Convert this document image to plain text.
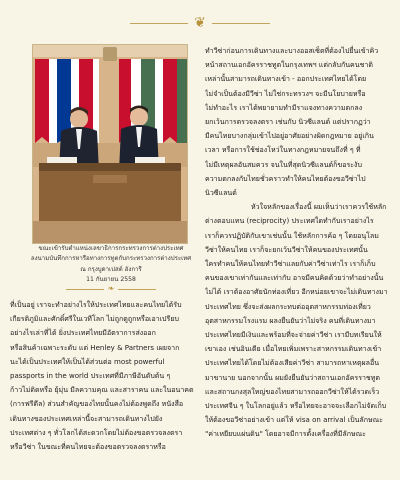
❦
ขณะเข้ารับตำแหน่งเลขาธิการกระทรวงการต่างประเทศ
ลงนามบันทึกการหารือทางการทูตกับกระทรวงการต่างประเทศ
ณ กรุงบูดาเปสต์ ฮังการี
11 กันยายน 2558
❧
ทำวีซ่าก่อนการเดินทางและบางออสเซ็ตที่ต้องไปยื่นเข้าคิว
หน้าสถานเอกอัครราชทูตในกรุงเทพฯ แต่กลับกันคนชาติ
เหล่านั้นสามารถเดินทางเข้า - ออกประเทศไทยได้โดย
ไม่จำเป็นต้องมีวีซ่า ไม่ใช่กระทรวงฯ จะมีนโยบายหรือ
ไม่ทำอะไร เราได้พยายามทำมีราแจงทางความตกลง
ยกเว้นการตรวจลงตรา เช่นกับ นิวซีแลนด์ แต่ปรากฏว่า
มีคนไทยบางกลุ่มเข้าไปอยู่อาศัยอย่างผิดกฎหมาย อยู่เกิน
เวลา หรือการใช้ช่องโหว่ในทางกฎหมายจนถึงที่ ๆ ที่
ไม่มีเหตุผลอันสมควร จนในที่สุดนิวซีแลนด์ก็ขอระงับ
ความตกลงกับไทยชั่วคราวทำให้คนไทยต้องขอวีซ่าไป
นิวซีแลนด์
หัวใจหลักของเรื่องนี้ ผมเห็นว่าเราควรใช้หลัก
ต่างตอบแทน (reciprocity) ประเทศใดทำกับเราอย่างไร
เราก็ควรปฏิบัติกับเขาเช่นนั้น ใช้หลักการค้อ ๆ โดยอนุโลม
วีซ่าให้คนไทย เราก็จะยกเว้นวีซ่าให้คนของประเทศนั้น
ใครทำคนให้คนไทยทำวีซ่าแลยกับค่าวีซ่าเท่าไร เราก็เก็บ
คนของเขาเท่ากันและเท่ากับ อาจมีคนคิดด้วยว่าทำอย่างนั้น
ไม่ได้ เราต้องอาศัยนักท่องเที่ยว อีกหน่อยเขาจะไม่เดินทางมา
ประเทศไทย ซึ่งจะส่งผลกระทบต่ออุตสาหกรรมท่องเที่ยว
อุตสาหกรรมโรงแรม ผลงยืนยันว่าไม่จริง คนที่เดินทางมา
ประเทศไทยมีเงินและพร้อมที่จะจ่ายค่าวีซ่า เรามีบทเรียนให้
เขาเอง เช่นอินเดีย เมื่อไทยเพิ่มเพราะสาหกรรมเดินทางเข้า
ประเทศไทยได้โดยไม่ต้องเสียค่าวีซ่า สามารถหาเหตุผลอื่น
มาขานาย นอกจากนั้น ผมยังยืนยันว่าสถานเอกอัครราชทูต
และสถานกงสุลใหญ่ของไทยสามารถออกวีซ่าให้ได้รวดเร็ว
ประเทศจีน ๆ ในโลกอยู่แล้ว หรือไทยจะอาจจะเลือกไม่จัดเก็บ
ให้ต้องขอวีซ่าอย่างเข้า แต่ให้ visa on arrival เป็นลักษณะ
"ค่าเหยียบแผ่นดิน" โดยอาจมีการตั้งเครื่องที่มีลักษณะ
ที่เป็นอยู่ เราจะทำอย่างไรให้ประเทศไทยและคนไทยได้รับ
เกียรติภูมิและศักดิ์ศรีในเวทีโลก ไม่ถูกดูถูกหรือเอาเปรียบ
อย่างไรเล่าที่ได้ ยิ่งประเทศไทยมีอัตราการส่งออก
หรือสินค้าเฉพาะระดับ แต่ Henley & Partners เผยจาก
นะได้เป็นประเทศให้เป็นได้ส่วนต่อ most powerful
passports in the world ประเทศที่มีภาษีอันดับต้น ๆ
ก้าวไม่ติดหรือ ยุ้มุ่น มีลความคุณ และสาราคน และในอนาคต
(การฟรีดีล) ส่วนสำคัญของไทยนั้นคงไม่ต้องพูดถึง หนังสือ
เดินทางของประเทศเหล่านี้จะสามารถเดินทางไปยัง
ประเทศต่าง ๆ ทั่วโลกได้สะดวกโดยไม่ต้องขอตรวจลงตรา
หรือวีซ่า ในขณะที่คนไทยจะต้องขอตรวจลงตราหรือ
